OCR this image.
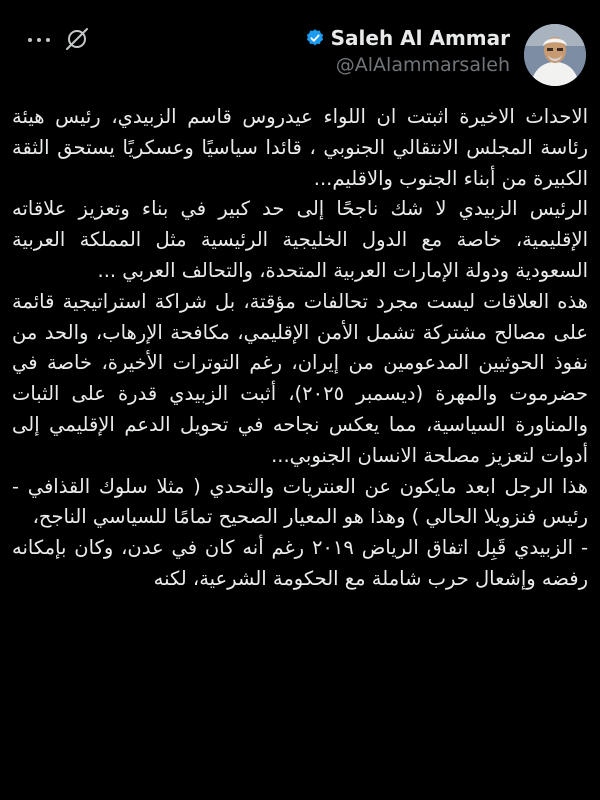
Saleh Al Ammar
@AlAlammarsaleh

الاحداث الاخيرة اثبتت ان اللواء عيدروس قاسم الزبيدي، رئيس هيئة رئاسة المجلس الانتقالي الجنوبي ، قائدا سياسيًا وعسكريًا يستحق الثقة الكبيرة من أبناء الجنوب والاقليم...

الرئيس الزبيدي لا شك ناجحًا إلى حد كبير في بناء وتعزيز علاقاته الإقليمية، خاصة مع الدول الخليجية الرئيسية مثل المملكة العربية السعودية ودولة الإمارات العربية المتحدة، والتحالف العربي ...

هذه العلاقات ليست مجرد تحالفات مؤقتة، بل شراكة استراتيجية قائمة على مصالح مشتركة تشمل الأمن الإقليمي، مكافحة الإرهاب، والحد من نفوذ الحوثيين المدعومين من إيران، رغم التوترات الأخيرة، خاصة في حضرموت والمهرة (ديسمبر ٢٠٢٥)، أثبت الزبيدي قدرة على الثبات والمناورة السياسية، مما يعكس نجاحه في تحويل الدعم الإقليمي إلى أدوات لتعزيز مصلحة الانسان الجنوبي...

هذا الرجل ابعد مايكون عن العنتريات والتحدي ( مثلا سلوك القذافي - رئيس فنزويلا الحالي ) وهذا هو المعيار الصحيح تمامًا للسياسي الناجح،

- الزبيدي قَبِل اتفاق الرياض ٢٠١٩ رغم أنه كان في عدن، وكان بإمكانه رفضه وإشعال حرب شاملة مع الحكومة الشرعية، لكنه
